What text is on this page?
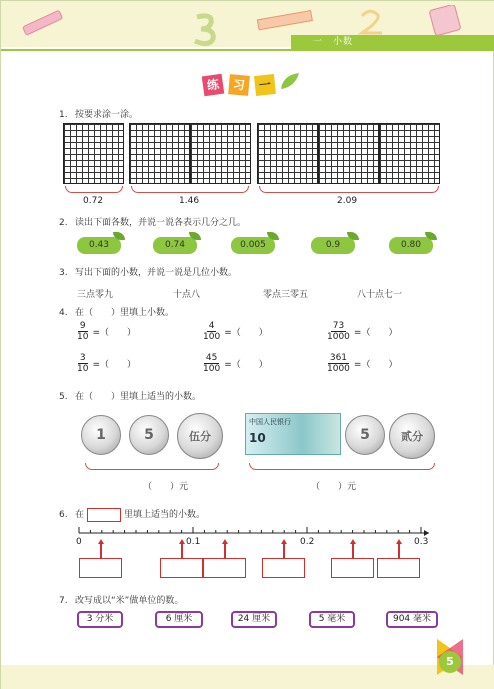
一　小数
练	习	一
1. 按要求涂一涂。
0.72	1.46	2.09
2. 读出下面各数，并说一说各表示几分之几。
0.43	0.74	0.005	0.9	0.80
3. 写出下面的小数，并说一说是几位小数。
三点零九	十点八	零点三零五	八十点七一
4. 在（　　）里填上小数。
$\frac{9}{10}$ =（　　）	$\frac{4}{100}$ =（　　）	$\frac{73}{1000}$ =（　　）
$\frac{3}{10}$ =（　　）	$\frac{45}{100}$ =（　　）	$\frac{361}{1000}$ =（　　）
5. 在（　　）里填上适当的小数。
1	5	伍分
（　　）元
中国人民银行
10	5	贰分
（　　）元
6. 在	里填上适当的小数。
0	0.1	0.2	0.3
7. 改写成以“米”做单位的数。
3 分米	6 厘米	24 厘米	5 毫米	904 毫米
5
